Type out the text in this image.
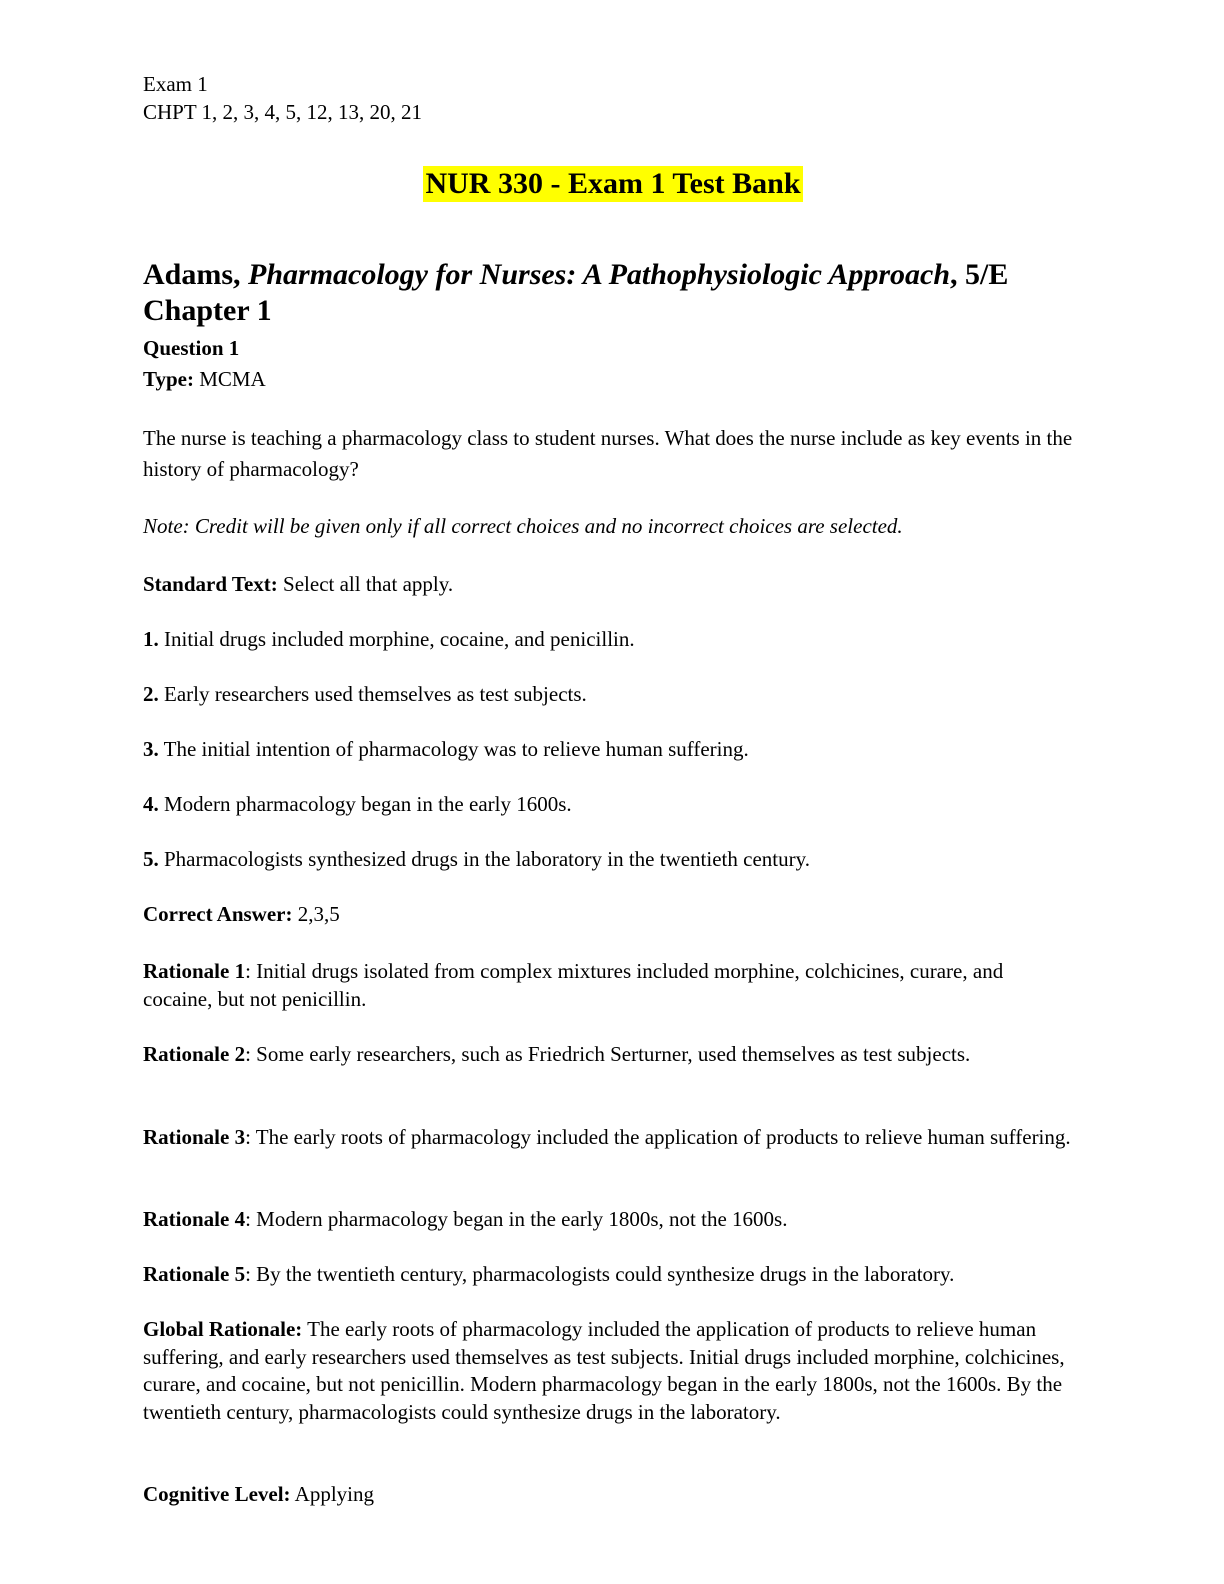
Exam 1
CHPT 1, 2, 3, 4, 5, 12, 13, 20, 21
NUR 330 - Exam 1 Test Bank
Adams, Pharmacology for Nurses: A Pathophysiologic Approach, 5/E
Chapter 1
Question 1
Type: MCMA
The nurse is teaching a pharmacology class to student nurses. What does the nurse include as key events in the history of pharmacology?
Note: Credit will be given only if all correct choices and no incorrect choices are selected.
Standard Text: Select all that apply.
1. Initial drugs included morphine, cocaine, and penicillin.
2. Early researchers used themselves as test subjects.
3. The initial intention of pharmacology was to relieve human suffering.
4. Modern pharmacology began in the early 1600s.
5. Pharmacologists synthesized drugs in the laboratory in the twentieth century.
Correct Answer: 2,3,5
Rationale 1: Initial drugs isolated from complex mixtures included morphine, colchicines, curare, and cocaine, but not penicillin.
Rationale 2: Some early researchers, such as Friedrich Serturner, used themselves as test subjects.
Rationale 3: The early roots of pharmacology included the application of products to relieve human suffering.
Rationale 4: Modern pharmacology began in the early 1800s, not the 1600s.
Rationale 5: By the twentieth century, pharmacologists could synthesize drugs in the laboratory.
Global Rationale: The early roots of pharmacology included the application of products to relieve human suffering, and early researchers used themselves as test subjects. Initial drugs included morphine, colchicines, curare, and cocaine, but not penicillin. Modern pharmacology began in the early 1800s, not the 1600s. By the twentieth century, pharmacologists could synthesize drugs in the laboratory.
Cognitive Level: Applying
